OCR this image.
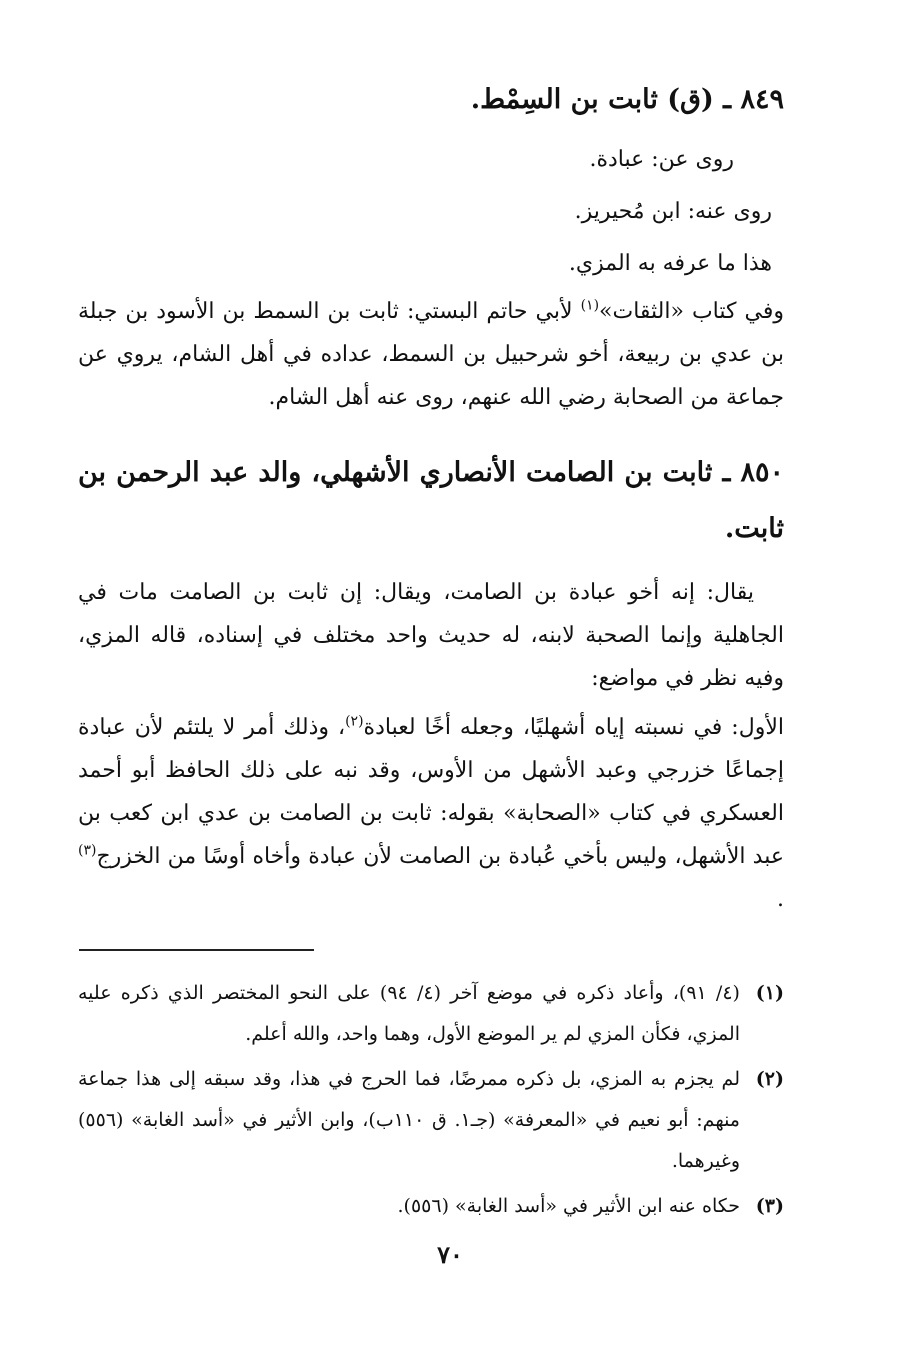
٨٤٩ ـ (ق) ثابت بن السِمْط.

روى عن: عبادة.

روى عنه: ابن مُحيريز.

هذا ما عرفه به المزي.

وفي كتاب «الثقات»$^{(١)}$ لأبي حاتم البستي: ثابت بن السمط بن الأسود بن جبلة بن عدي بن ربيعة، أخو شرحبيل بن السمط، عداده في أهل الشام، يروي عن جماعة من الصحابة رضي الله عنهم، روى عنه أهل الشام.

٨٥٠ ـ ثابت بن الصامت الأنصاري الأشهلي، والد عبد الرحمن بن ثابت.

يقال: إنه أخو عبادة بن الصامت، ويقال: إن ثابت بن الصامت مات في الجاهلية وإنما الصحبة لابنه، له حديث واحد مختلف في إسناده، قاله المزي، وفيه نظر في مواضع:

الأول: في نسبته إياه أشهليًا، وجعله أخًا لعبادة$^{(٢)}$، وذلك أمر لا يلتئم لأن عبادة إجماعًا خزرجي وعبد الأشهل من الأوس، وقد نبه على ذلك الحافظ أبو أحمد العسكري في كتاب «الصحابة» بقوله: ثابت بن الصامت بن عدي ابن كعب بن عبد الأشهل، وليس بأخي عُبادة بن الصامت لأن عبادة وأخاه أوسًا من الخزرج$^{(٣)}$ .

(١)
(٤/ ٩١)، وأعاد ذكره في موضع آخر (٤/ ٩٤) على النحو المختصر الذي ذكره عليه المزي، فكأن المزي لم ير الموضع الأول، وهما واحد، والله أعلم.
(٢)
لم يجزم به المزي، بل ذكره ممرضًا، فما الحرج في هذا، وقد سبقه إلى هذا جماعة منهم: أبو نعيم في «المعرفة» (جـ١. ق ١١٠ب)، وابن الأثير في «أسد الغابة» (٥٥٦) وغيرهما.
(٣)
حكاه عنه ابن الأثير في «أسد الغابة» (٥٥٦).
٧٠
